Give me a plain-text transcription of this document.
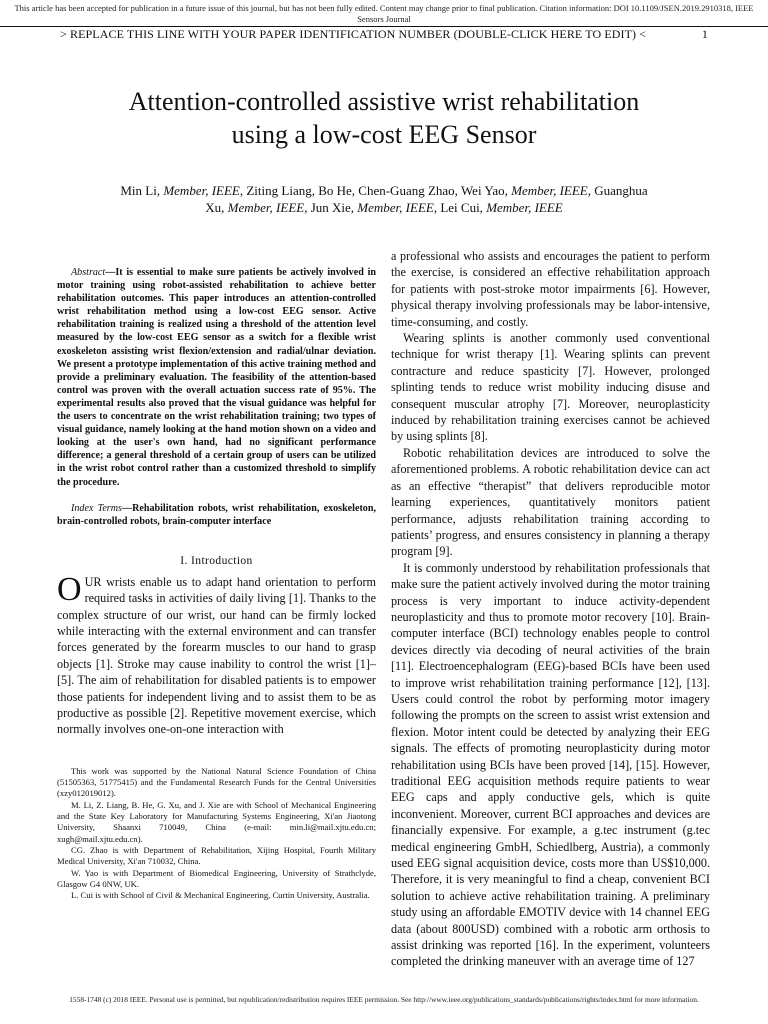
This article has been accepted for publication in a future issue of this journal, but has not been fully edited. Content may change prior to final publication. Citation information: DOI 10.1109/JSEN.2019.2910318, IEEE Sensors Journal
> REPLACE THIS LINE WITH YOUR PAPER IDENTIFICATION NUMBER (DOUBLE-CLICK HERE TO EDIT) <	1
Attention-controlled assistive wrist rehabilitation
using a low-cost EEG Sensor
Min Li, Member, IEEE, Ziting Liang, Bo He, Chen-Guang Zhao, Wei Yao, Member, IEEE, Guanghua
Xu, Member, IEEE, Jun Xie, Member, IEEE, Lei Cui, Member, IEEE
Abstract—It is essential to make sure patients be actively involved in motor training using robot-assisted rehabilitation to achieve better rehabilitation outcomes. This paper introduces an attention-controlled wrist rehabilitation method using a low-cost EEG sensor. Active rehabilitation training is realized using a threshold of the attention level measured by the low-cost EEG sensor as a switch for a flexible wrist exoskeleton assisting wrist flexion/extension and radial/ulnar deviation. We present a prototype implementation of this active training method and provide a preliminary evaluation. The feasibility of the attention-based control was proven with the overall actuation success rate of 95%. The experimental results also proved that the visual guidance was helpful for the users to concentrate on the wrist rehabilitation training; two types of visual guidance, namely looking at the hand motion shown on a video and looking at the user's own hand, had no significant performance difference; a general threshold of a certain group of users can be utilized in the wrist robot control rather than a customized threshold to simplify the procedure.
Index Terms—Rehabilitation robots, wrist rehabilitation, exoskeleton, brain-controlled robots, brain-computer interface
I. Introduction
OUR wrists enable us to adapt hand orientation to perform required tasks in activities of daily living [1]. Thanks to the complex structure of our wrist, our hand can be firmly locked while interacting with the external environment and can transfer forces generated by the forearm muscles to our hand to grasp objects [1]. Stroke may cause inability to control the wrist [1]–[5]. The aim of rehabilitation for disabled patients is to empower those patients for independent living and to assist them to be as productive as possible [2]. Repetitive movement exercise, which normally involves one-on-one interaction with

This work was supported by the National Natural Science Foundation of China (51505363, 51775415) and the Fundamental Research Funds for the Central Universities (xzy012019012).

M. Li, Z. Liang, B. He, G. Xu, and J. Xie are with School of Mechanical Engineering and the State Key Laboratory for Manufacturing Systems Engineering, Xi'an Jiaotong University, Shaanxi 710049, China (e-mail: min.li@mail.xjtu.edu.cn; xugh@mail.xjtu.edu.cn).

CG. Zhao is with Department of Rehabilitation, Xijing Hospital, Fourth Military Medical University, Xi'an 710032, China.

W. Yao is with Department of Biomedical Engineering, University of Strathclyde, Glasgow G4 0NW, UK.

L. Cui is with School of Civil & Mechanical Engineering, Curtin University, Australia.

a professional who assists and encourages the patient to perform the exercise, is considered an effective rehabilitation approach for patients with post-stroke motor impairments [6]. However, physical therapy involving professionals may be labor-intensive, time-consuming, and costly.

Wearing splints is another commonly used conventional technique for wrist therapy [1]. Wearing splints can prevent contracture and reduce spasticity [7]. However, prolonged splinting tends to reduce wrist mobility inducing disuse and consequent muscular atrophy [7]. Moreover, neuroplasticity induced by rehabilitation training exercises cannot be achieved by using splints [8].

Robotic rehabilitation devices are introduced to solve the aforementioned problems. A robotic rehabilitation device can act as an effective “therapist” that delivers reproducible motor learning experiences, quantitatively monitors patient performance, adjusts rehabilitation training according to patients’ progress, and ensures consistency in planning a therapy program [9].

It is commonly understood by rehabilitation professionals that make sure the patient actively involved during the motor training process is very important to induce activity-dependent neuroplasticity and thus to promote motor recovery [10]. Brain-computer interface (BCI) technology enables people to control devices directly via decoding of neural activities of the brain [11]. Electroencephalogram (EEG)-based BCIs have been used to improve wrist rehabilitation training performance [12], [13]. Users could control the robot by performing motor imagery following the prompts on the screen to assist wrist extension and flexion. Motor intent could be detected by analyzing their EEG signals. The effects of promoting neuroplasticity during motor rehabilitation using BCIs have been proved [14], [15]. However, traditional EEG acquisition methods require patients to wear EEG caps and apply conductive gels, which is quite inconvenient. Moreover, current BCI approaches and devices are financially expensive. For example, a g.tec instrument (g.tec medical engineering GmbH, Schiedlberg, Austria), a commonly used EEG signal acquisition device, costs more than US$10,000. Therefore, it is very meaningful to find a cheap, convenient BCI solution to achieve active rehabilitation training. A preliminary study using an affordable EMOTIV device with 14 channel EEG data (about 800USD) combined with a robotic arm orthosis to assist drinking was reported [16]. In the experiment, volunteers completed the drinking maneuver with an average time of 127

1558-1748 (c) 2018 IEEE. Personal use is permitted, but republication/redistribution requires IEEE permission. See http://www.ieee.org/publications_standards/publications/rights/index.html for more information.
